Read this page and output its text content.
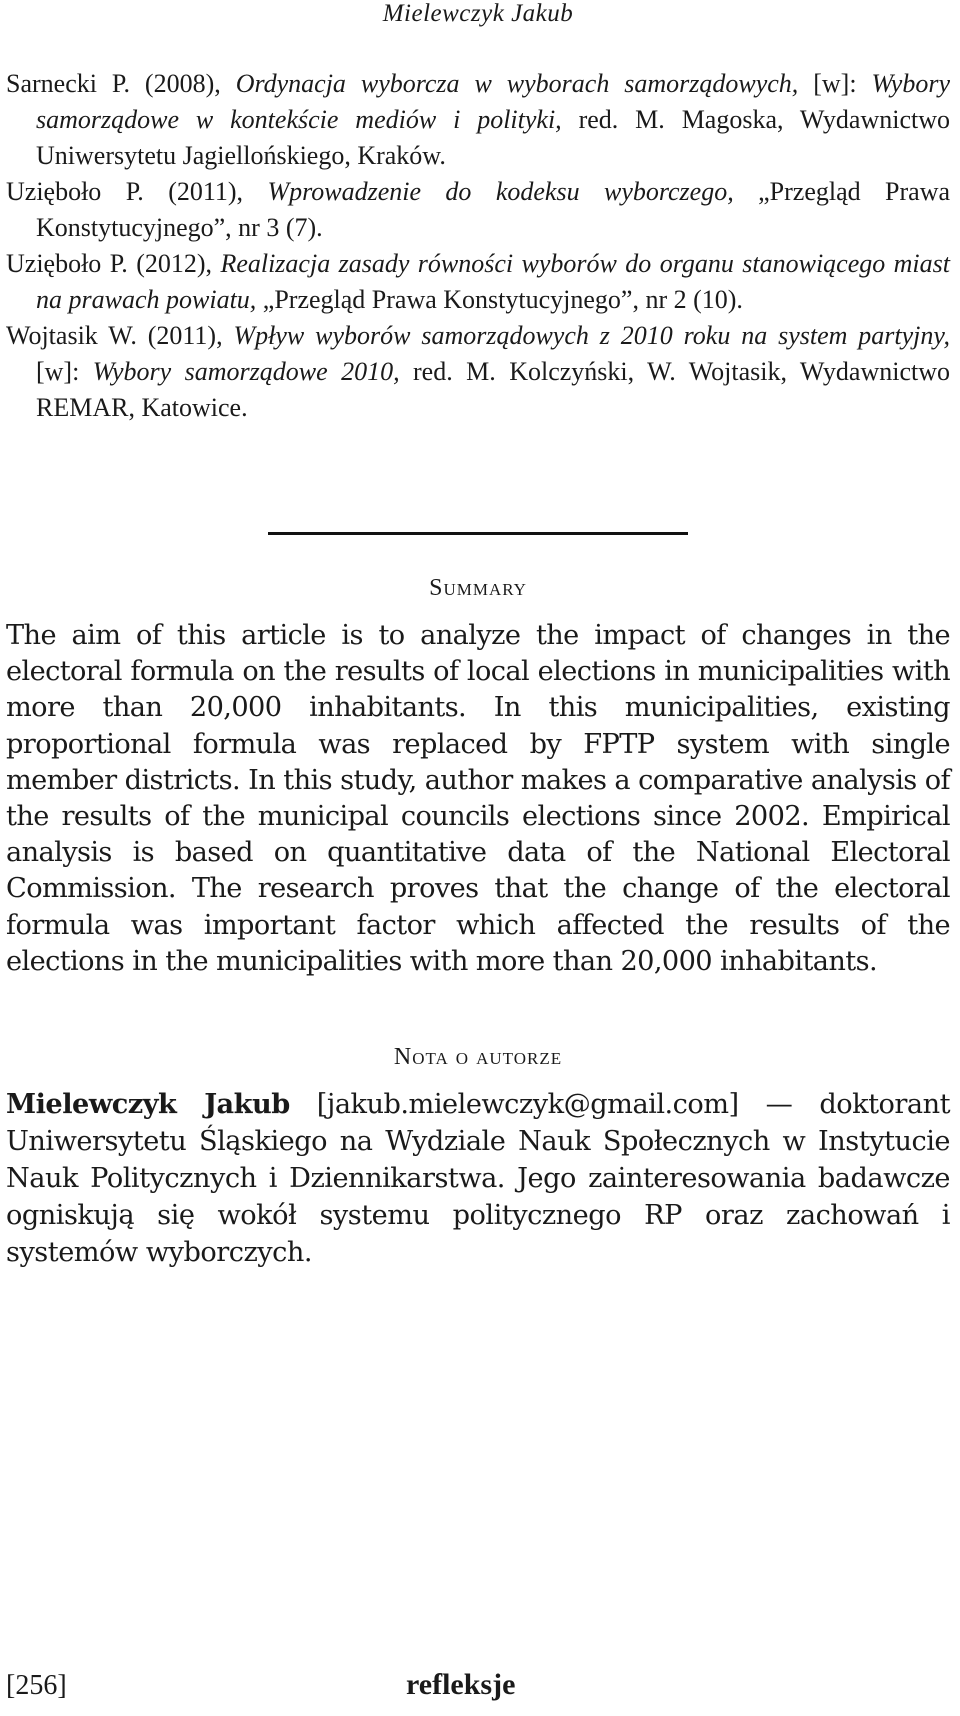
Mielewczyk Jakub

Sarnecki P. (2008), Ordynacja wyborcza w wyborach samorządowych, [w]: Wybory samorządowe w kontekście mediów i polityki, red. M. Magoska, Wydawnictwo Uniwersytetu Jagiellońskiego, Kraków.

Uzięboło P. (2011), Wprowadzenie do kodeksu wyborczego, „Przegląd Prawa Konstytucyjnego”, nr 3 (7).

Uzięboło P. (2012), Realizacja zasady równości wyborów do organu stanowiącego miast na prawach powiatu, „Przegląd Prawa Konstytucyjnego”, nr 2 (10).

Wojtasik W. (2011), Wpływ wyborów samorządowych z 2010 roku na system partyjny, [w]: Wybory samorządowe 2010, red. M. Kolczyński, W. Wojtasik, Wydawnictwo REMAR, Katowice.

Summary

The aim of this article is to analyze the impact of changes in the electoral formula on the results of local elections in municipalities with more than 20,000 inhabitants. In this municipalities, existing proportional formula was replaced by FPTP system with single member districts. In this study, author makes a comparative analysis of the results of the municipal councils elections since 2002. Empirical analysis is based on quantitative data of the National Electoral Commission. The research proves that the change of the electoral formula was important factor which affected the results of the elections in the municipalities with more than 20,000 inhabitants.

Nota o autorze

Mielewczyk Jakub [jakub.mielewczyk@gmail.com] — doktorant Uniwersytetu Śląskiego na Wydziale Nauk Społecznych w Instytucie Nauk Politycznych i Dziennikarstwa. Jego zainteresowania badawcze ogniskują się wokół systemu politycznego RP oraz zachowań i systemów wyborczych.

[256]	refleksje
